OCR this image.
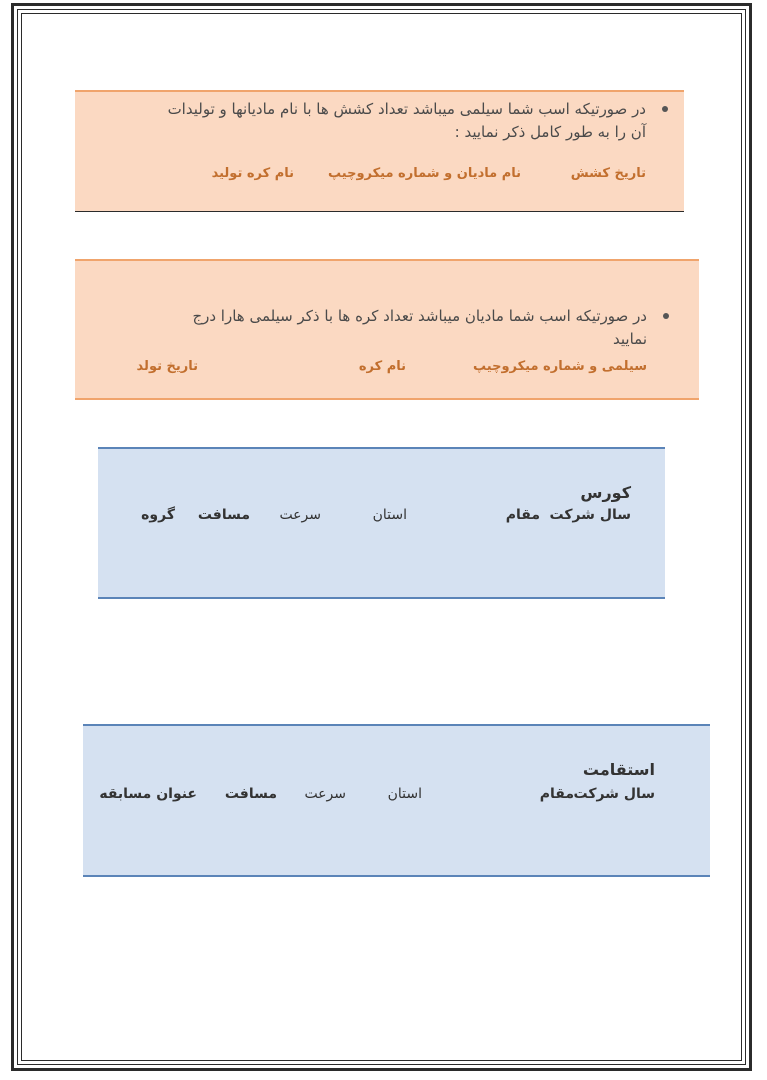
در صورتیکه اسب شما سیلمی میباشد تعداد کشش ها با نام مادیانها و تولیدات
آن را به طور کامل ذکر نمایید :
تاریخ کشش
نام مادیان و شماره میکروچیپ
نام کره تولید
در صورتیکه اسب شما مادیان میباشد تعداد کره ها با ذکر سیلمی هارا درج
نمایید
سیلمی و شماره میکروچیپ
نام کره
تاریخ تولد
کورس
سال شرکت
مقام
استان
سرعت
مسافت
گروه
استقامت
سال شرکت
مقام
استان
سرعت
مسافت
عنوان مسابقه
